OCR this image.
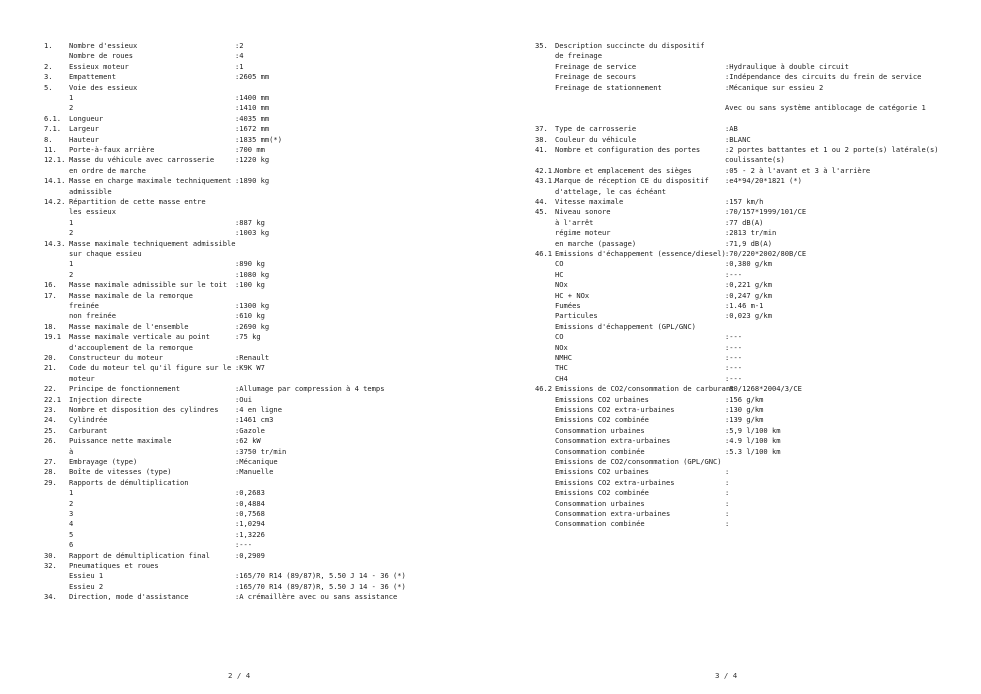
1. Nombre d'essieux	:2
Nombre de roues	:4
2. Essieux moteur	:1
3. Empattement	:2605 mm
5. Voie des essieux
1	:1400 mm
2	:1410 mm
6.1. Longueur	:4035 mm
7.1. Largeur	:1672 mm
8. Hauteur	:1835 mm(*)
11. Porte-à-faux arrière	:700 mm
12.1. Masse du véhicule avec carrosserie	:1220 kg
en ordre de marche
14.1. Masse en charge maximale techniquement :1890 kg
admissible
14.2. Répartition de cette masse entre
les essieux
1	:887 kg
2	:1003 kg
14.3. Masse maximale techniquement admissible
sur chaque essieu
1	:890 kg
2	:1080 kg
16. Masse maximale admissible sur le toit :100 kg
17. Masse maximale de la remorque
freinée	:1300 kg
non freinée	:610 kg
18. Masse maximale de l'ensemble	:2690 kg
19.1 Masse maximale verticale au point	:75 kg
d'accouplement de la remorque
20. Constructeur du moteur	:Renault
21. Code du moteur tel qu'il figure sur le :K9K W7
moteur
22. Principe de fonctionnement	:Allumage par compression à 4 temps
22.1 Injection directe	:Oui
23. Nombre et disposition des cylindres :4 en ligne
24. Cylindrée	:1461 cm3
25. Carburant	:Gazole
26. Puissance nette maximale	:62 kW
à	:3750 tr/min
27. Embrayage (type)	:Mécanique
28. Boîte de vitesses (type)	:Manuelle
29. Rapports de démultiplication
1	:0,2683
2	:0,4884
3	:0,7568
4	:1,0294
5	:1,3226
6	:---
30. Rapport de démultiplication final	:0,2909
32. Pneumatiques et roues
Essieu 1	:165/70 R14 (89/87)R, 5.50 J 14 - 36 (*)
Essieu 2	:165/70 R14 (89/87)R, 5.50 J 14 - 36 (*)
34. Direction, mode d'assistance	:A crémaillère avec ou sans assistance
2 / 4
35. Description succincte du dispositif
de freinage
Freinage de service	:Hydraulique à double circuit
Freinage de secours	:Indépendance des circuits du frein de service
Freinage de stationnement	:Mécanique sur essieu 2
Avec ou sans système antiblocage de catégorie 1
37. Type de carrosserie	:AB
38. Couleur du véhicule	:BLANC
41. Nombre et configuration des portes	:2 portes battantes et 1 ou 2 porte(s) latérale(s)
coulissante(s)
42.1.
Nombre et emplacement des sièges	:05 - 2 à l'avant et 3 à l'arrière
43.1.
Marque de réception CE du dispositif :e4*94/20*1821 (*)
d'attelage, le cas échéant
44. Vitesse maximale	:157 km/h
45. Niveau sonore	:70/157*1999/101/CE
à l'arrêt	:77 dB(A)
régime moteur	:2813 tr/min
en marche (passage)	:71,9 dB(A)
46.1 Emissions d'échappement (essence/diesel) :70/220*2002/80B/CE
CO	:0,380 g/km
HC	:---
NOx	:0,221 g/km
HC + NOx	:0,247 g/km
Fumées	:1.46 m-1
Particules	:0,023 g/km
Emissions d'échappement (GPL/GNC)
CO	:---
NOx	:---
NMHC	:---
THC	:---
CH4	:---
46.2 Emissions de CO2/consommation de carburant
:80/1268*2004/3/CE
Emissions CO2 urbaines	:156 g/km
Emissions CO2 extra-urbaines	:130 g/km
Emissions CO2 combinée	:139 g/km
Consommation urbaines	:5,9 l/100 km
Consommation extra-urbaines	:4.9 l/100 km
Consommation combinée	:5.3 l/100 km
Emissions de CO2/consommation (GPL/GNC)
Emissions CO2 urbaines	:
Emissions CO2 extra-urbaines	:
Emissions CO2 combinée	:
Consommation urbaines	:
Consommation extra-urbaines	:
Consommation combinée	:
3 / 4
